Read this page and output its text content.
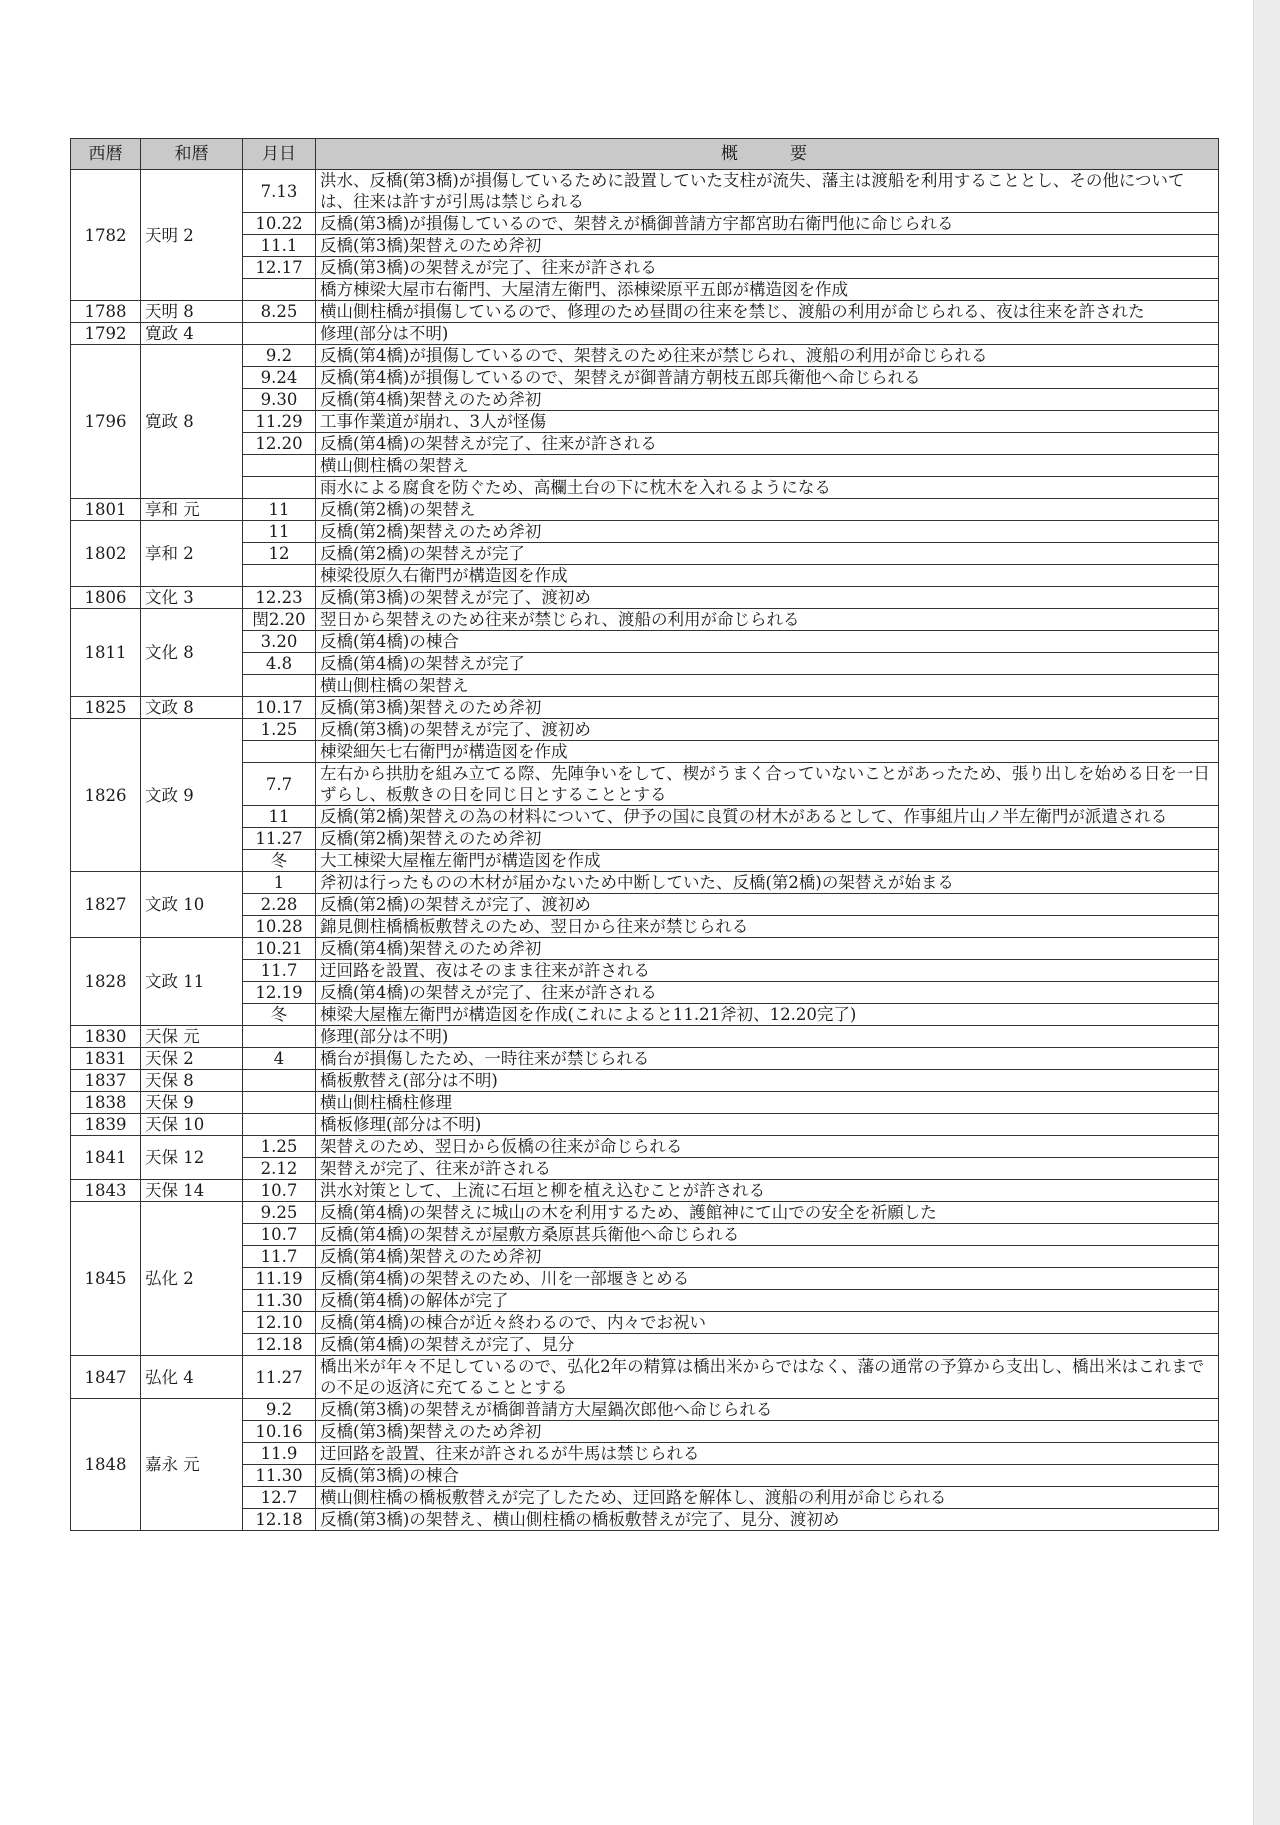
西暦	和暦	月日	概　　要
1782	天明 2	7.13	洪水、反橋(第3橋)が損傷しているために設置していた支柱が流失、藩主は渡船を利用することとし、その他については、往来は許すが引馬は禁じられる
		10.22	反橋(第3橋)が損傷しているので、架替えが橋御普請方宇都宮助右衛門他に命じられる
		11.1	反橋(第3橋)架替えのため斧初
		12.17	反橋(第3橋)の架替えが完了、往来が許される
			橋方棟梁大屋市右衛門、大屋清左衛門、添棟梁原平五郎が構造図を作成
1788	天明 8	8.25	横山側柱橋が損傷しているので、修理のため昼間の往来を禁じ、渡船の利用が命じられる、夜は往来を許された
1792	寛政 4		修理(部分は不明)
1796	寛政 8	9.2	反橋(第4橋)が損傷しているので、架替えのため往来が禁じられ、渡船の利用が命じられる
		9.24	反橋(第4橋)が損傷しているので、架替えが御普請方朝枝五郎兵衛他へ命じられる
		9.30	反橋(第4橋)架替えのため斧初
		11.29	工事作業道が崩れ、3人が怪傷
		12.20	反橋(第4橋)の架替えが完了、往来が許される
			横山側柱橋の架替え
			雨水による腐食を防ぐため、高欄土台の下に枕木を入れるようになる
1801	享和 元	11	反橋(第2橋)の架替え
1802	享和 2	11	反橋(第2橋)架替えのため斧初
		12	反橋(第2橋)の架替えが完了
			棟梁役原久右衛門が構造図を作成
1806	文化 3	12.23	反橋(第3橋)の架替えが完了、渡初め
1811	文化 8	閏2.20	翌日から架替えのため往来が禁じられ、渡船の利用が命じられる
		3.20	反橋(第4橋)の棟合
		4.8	反橋(第4橋)の架替えが完了
			横山側柱橋の架替え
1825	文政 8	10.17	反橋(第3橋)架替えのため斧初
1826	文政 9	1.25	反橋(第3橋)の架替えが完了、渡初め
			棟梁細矢七右衛門が構造図を作成
		7.7	左右から拱肋を組み立てる際、先陣争いをして、楔がうまく合っていないことがあったため、張り出しを始める日を一日ずらし、板敷きの日を同じ日とすることとする
		11	反橋(第2橋)架替えの為の材料について、伊予の国に良質の材木があるとして、作事組片山ノ半左衛門が派遣される
		11.27	反橋(第2橋)架替えのため斧初
		冬	大工棟梁大屋権左衛門が構造図を作成
1827	文政 10	1	斧初は行ったものの木材が届かないため中断していた、反橋(第2橋)の架替えが始まる
		2.28	反橋(第2橋)の架替えが完了、渡初め
		10.28	錦見側柱橋橋板敷替えのため、翌日から往来が禁じられる
1828	文政 11	10.21	反橋(第4橋)架替えのため斧初
		11.7	迂回路を設置、夜はそのまま往来が許される
		12.19	反橋(第4橋)の架替えが完了、往来が許される
		冬	棟梁大屋権左衛門が構造図を作成(これによると11.21斧初、12.20完了)
1830	天保 元		修理(部分は不明)
1831	天保 2	4	橋台が損傷したため、一時往来が禁じられる
1837	天保 8		橋板敷替え(部分は不明)
1838	天保 9		横山側柱橋柱修理
1839	天保 10		橋板修理(部分は不明)
1841	天保 12	1.25	架替えのため、翌日から仮橋の往来が命じられる
		2.12	架替えが完了、往来が許される
1843	天保 14	10.7	洪水対策として、上流に石垣と柳を植え込むことが許される
1845	弘化 2	9.25	反橋(第4橋)の架替えに城山の木を利用するため、護館神にて山での安全を祈願した
		10.7	反橋(第4橋)の架替えが屋敷方桑原甚兵衛他へ命じられる
		11.7	反橋(第4橋)架替えのため斧初
		11.19	反橋(第4橋)の架替えのため、川を一部堰きとめる
		11.30	反橋(第4橋)の解体が完了
		12.10	反橋(第4橋)の棟合が近々終わるので、内々でお祝い
		12.18	反橋(第4橋)の架替えが完了、見分
1847	弘化 4	11.27	橋出米が年々不足しているので、弘化2年の精算は橋出米からではなく、藩の通常の予算から支出し、橋出米はこれまでの不足の返済に充てることとする
1848	嘉永 元	9.2	反橋(第3橋)の架替えが橋御普請方大屋鍋次郎他へ命じられる
		10.16	反橋(第3橋)架替えのため斧初
		11.9	迂回路を設置、往来が許されるが牛馬は禁じられる
		11.30	反橋(第3橋)の棟合
		12.7	横山側柱橋の橋板敷替えが完了したため、迂回路を解体し、渡船の利用が命じられる
		12.18	反橋(第3橋)の架替え、横山側柱橋の橋板敷替えが完了、見分、渡初め
